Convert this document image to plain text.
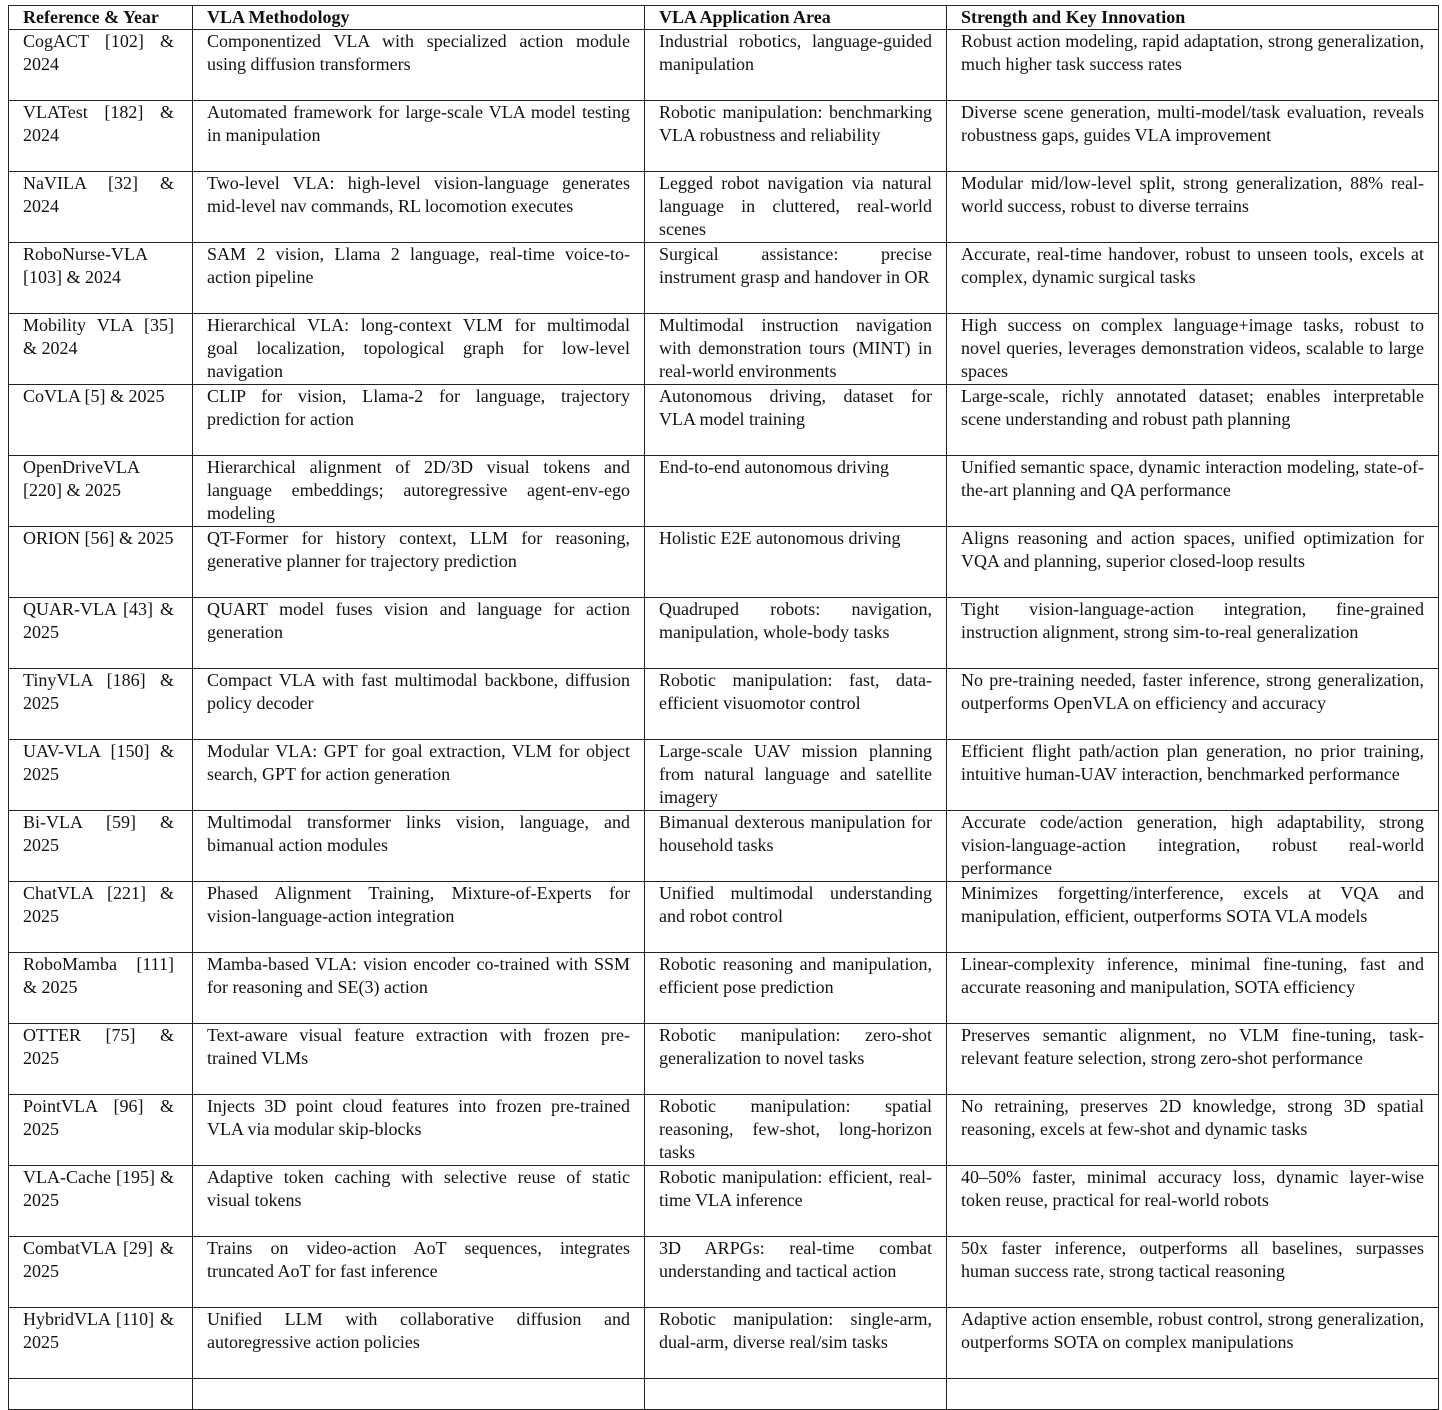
Reference & Year	VLA Methodology	VLA Application Area	Strength and Key Innovation
CogACT [102] & 2024	Componentized VLA with specialized action module using diffusion transformers	Industrial robotics, language-guided manipulation	Robust action modeling, rapid adaptation, strong generalization, much higher task success rates
VLATest [182] & 2024	Automated framework for large-scale VLA model testing in manipulation	Robotic manipulation: benchmarking VLA robustness and reliability	Diverse scene generation, multi-model/task evaluation, reveals robustness gaps, guides VLA improvement
NaVILA [32] & 2024	Two-level VLA: high-level vision-language generates mid-level nav commands, RL locomotion executes	Legged robot navigation via natural language in cluttered, real-world scenes	Modular mid/low-level split, strong generalization, 88% real-world success, robust to diverse terrains
RoboNurse-VLA [103] & 2024	SAM 2 vision, Llama 2 language, real-time voice-to-action pipeline	Surgical assistance: precise instrument grasp and handover in OR	Accurate, real-time handover, robust to unseen tools, excels at complex, dynamic surgical tasks
Mobility VLA [35] & 2024	Hierarchical VLA: long-context VLM for multimodal goal localization, topological graph for low-level navigation	Multimodal instruction navigation with demonstration tours (MINT) in real-world environments	High success on complex language+image tasks, robust to novel queries, leverages demonstration videos, scalable to large spaces
CoVLA [5] & 2025	CLIP for vision, Llama-2 for language, trajectory prediction for action	Autonomous driving, dataset for VLA model training	Large-scale, richly annotated dataset; enables interpretable scene understanding and robust path planning
OpenDriveVLA [220] & 2025	Hierarchical alignment of 2D/3D visual tokens and language embeddings; autoregressive agent-env-ego modeling	End-to-end autonomous driving	Unified semantic space, dynamic interaction modeling, state-of-the-art planning and QA performance
ORION [56] & 2025	QT-Former for history context, LLM for reasoning, generative planner for trajectory prediction	Holistic E2E autonomous driving	Aligns reasoning and action spaces, unified optimization for VQA and planning, superior closed-loop results
QUAR-VLA [43] & 2025	QUART model fuses vision and language for action generation	Quadruped robots: navigation, manipulation, whole-body tasks	Tight vision-language-action integration, fine-grained instruction alignment, strong sim-to-real generalization
TinyVLA [186] & 2025	Compact VLA with fast multimodal backbone, diffusion policy decoder	Robotic manipulation: fast, data-efficient visuomotor control	No pre-training needed, faster inference, strong generalization, outperforms OpenVLA on efficiency and accuracy
UAV-VLA [150] & 2025	Modular VLA: GPT for goal extraction, VLM for object search, GPT for action generation	Large-scale UAV mission planning from natural language and satellite imagery	Efficient flight path/action plan generation, no prior training, intuitive human-UAV interaction, benchmarked performance
Bi-VLA [59] & 2025	Multimodal transformer links vision, language, and bimanual action modules	Bimanual dexterous manipulation for household tasks	Accurate code/action generation, high adaptability, strong vision-language-action integration, robust real-world performance
ChatVLA [221] & 2025	Phased Alignment Training, Mixture-of-Experts for vision-language-action integration	Unified multimodal understanding and robot control	Minimizes forgetting/interference, excels at VQA and manipulation, efficient, outperforms SOTA VLA models
RoboMamba [111] & 2025	Mamba-based VLA: vision encoder co-trained with SSM for reasoning and SE(3) action	Robotic reasoning and manipulation, efficient pose prediction	Linear-complexity inference, minimal fine-tuning, fast and accurate reasoning and manipulation, SOTA efficiency
OTTER [75] & 2025	Text-aware visual feature extraction with frozen pre-trained VLMs	Robotic manipulation: zero-shot generalization to novel tasks	Preserves semantic alignment, no VLM fine-tuning, task-relevant feature selection, strong zero-shot performance
PointVLA [96] & 2025	Injects 3D point cloud features into frozen pre-trained VLA via modular skip-blocks	Robotic manipulation: spatial reasoning, few-shot, long-horizon tasks	No retraining, preserves 2D knowledge, strong 3D spatial reasoning, excels at few-shot and dynamic tasks
VLA-Cache [195] & 2025	Adaptive token caching with selective reuse of static visual tokens	Robotic manipulation: efficient, real-time VLA inference	40–50% faster, minimal accuracy loss, dynamic layer-wise token reuse, practical for real-world robots
CombatVLA [29] & 2025	Trains on video-action AoT sequences, integrates truncated AoT for fast inference	3D ARPGs: real-time combat understanding and tactical action	50x faster inference, outperforms all baselines, surpasses human success rate, strong tactical reasoning
HybridVLA [110] & 2025	Unified LLM with collaborative diffusion and autoregressive action policies	Robotic manipulation: single-arm, dual-arm, diverse real/sim tasks	Adaptive action ensemble, robust control, strong generalization, outperforms SOTA on complex manipulations
